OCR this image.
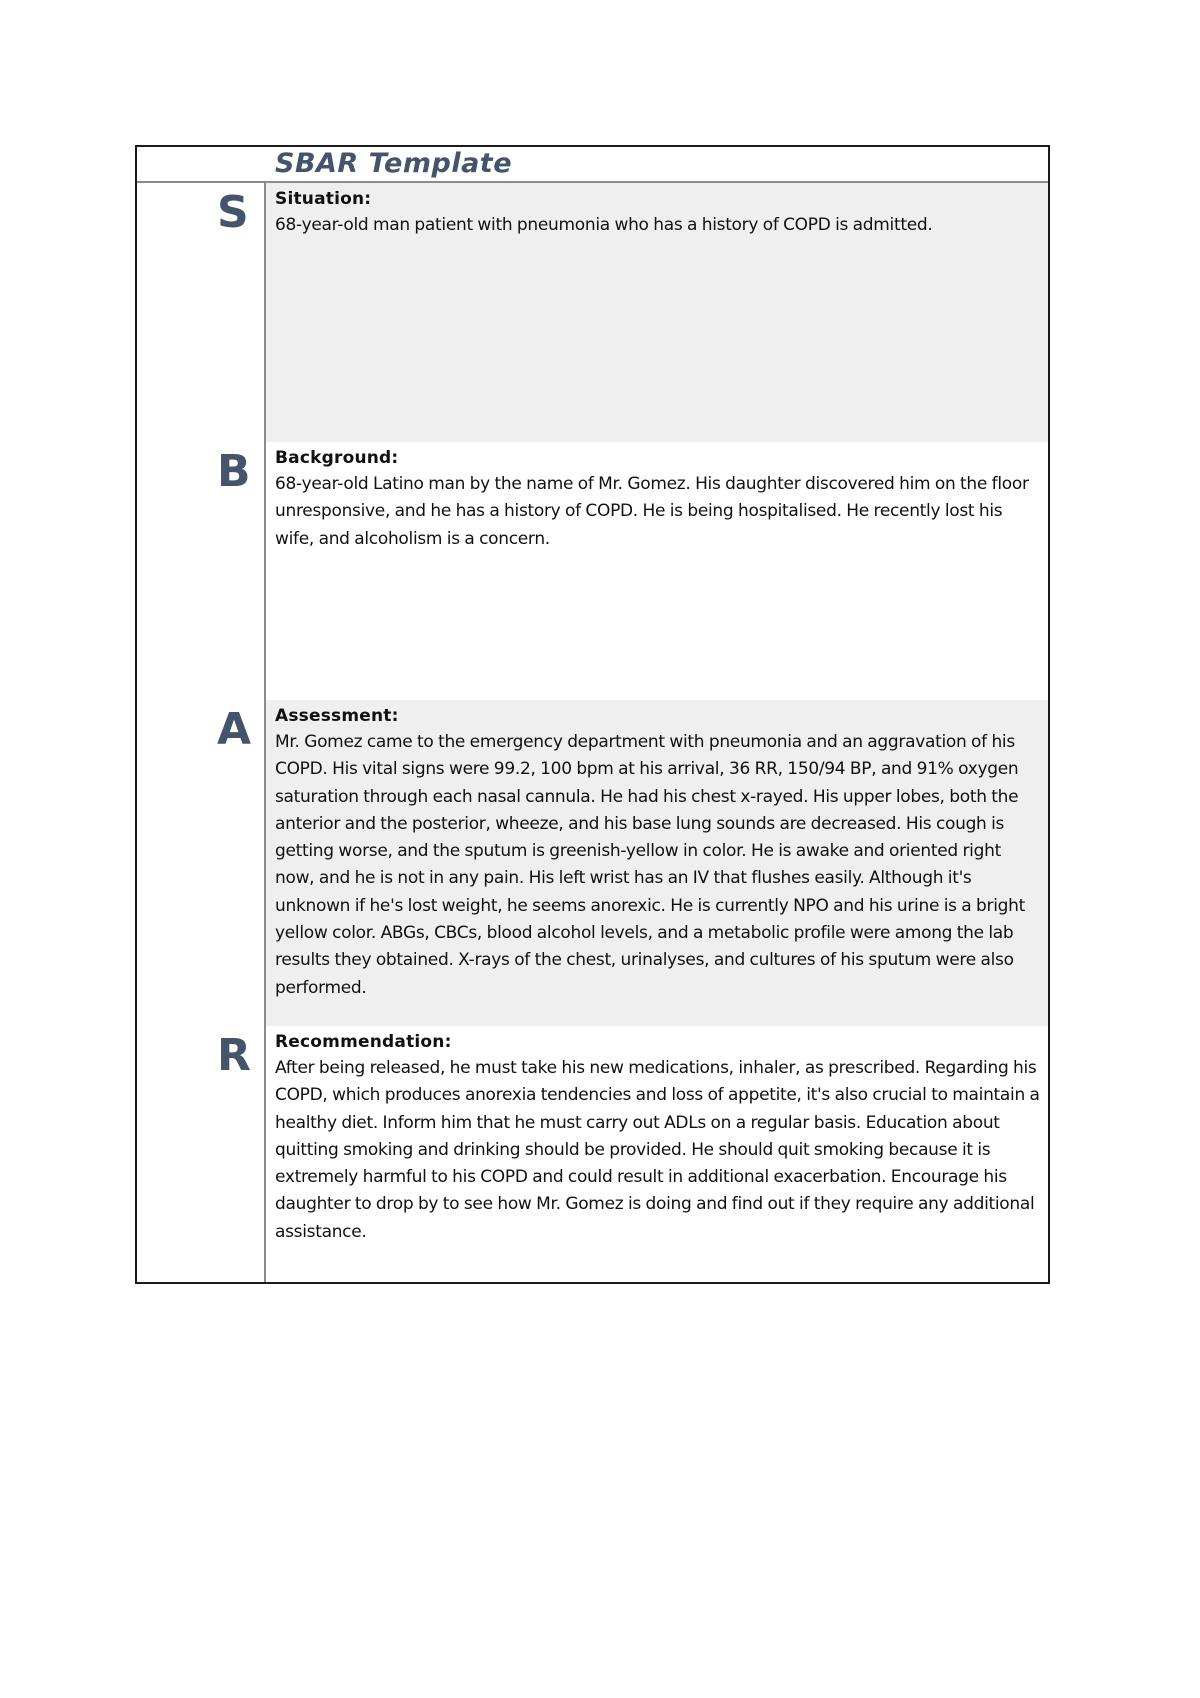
SBAR Template
S Situation:
68-year-old man patient with pneumonia who has a history of COPD is admitted.
B Background:
68-year-old Latino man by the name of Mr. Gomez. His daughter discovered him on the floor unresponsive, and he has a history of COPD. He is being hospitalised. He recently lost his wife, and alcoholism is a concern.
A Assessment:
Mr. Gomez came to the emergency department with pneumonia and an aggravation of his COPD. His vital signs were 99.2, 100 bpm at his arrival, 36 RR, 150/94 BP, and 91% oxygen saturation through each nasal cannula. He had his chest x-rayed. His upper lobes, both the anterior and the posterior, wheeze, and his base lung sounds are decreased. His cough is getting worse, and the sputum is greenish-yellow in color. He is awake and oriented right now, and he is not in any pain. His left wrist has an IV that flushes easily. Although it's unknown if he's lost weight, he seems anorexic. He is currently NPO and his urine is a bright yellow color. ABGs, CBCs, blood alcohol levels, and a metabolic profile were among the lab results they obtained. X-rays of the chest, urinalyses, and cultures of his sputum were also performed.
R Recommendation:
After being released, he must take his new medications, inhaler, as prescribed. Regarding his COPD, which produces anorexia tendencies and loss of appetite, it's also crucial to maintain a healthy diet. Inform him that he must carry out ADLs on a regular basis. Education about quitting smoking and drinking should be provided. He should quit smoking because it is extremely harmful to his COPD and could result in additional exacerbation. Encourage his daughter to drop by to see how Mr. Gomez is doing and find out if they require any additional assistance.
